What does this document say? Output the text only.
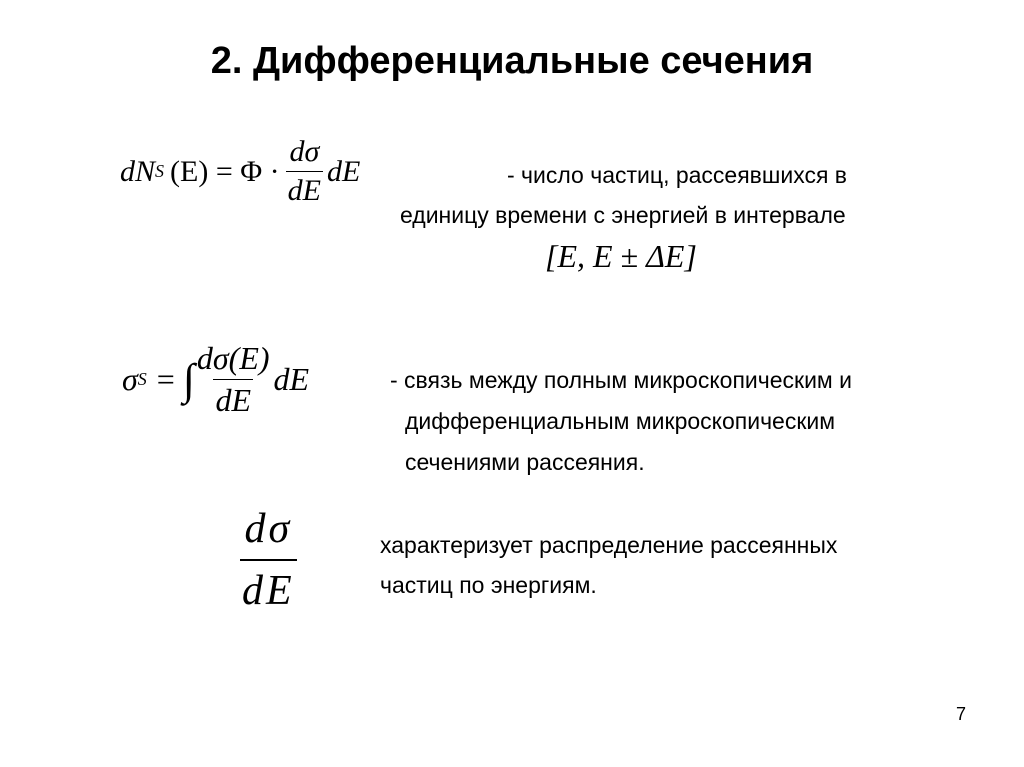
2. Дифференциальные сечения
dN S $(E) = \Phi \cdot \frac{d\sigma}{dE}$ dE	- число частиц, рассеявшихся в
единицу времени с энергией в интервале
[E, E ± ΔE]
σ S = ∫ $\frac{d\sigma(E)}{dE}$ dE	- связь между полным микроскопическим и
дифференциальным микроскопическим
сечениями рассеяния.
$\frac{d\sigma}{dE}$	характеризует распределение рассеянных
частиц по энергиям.
7
